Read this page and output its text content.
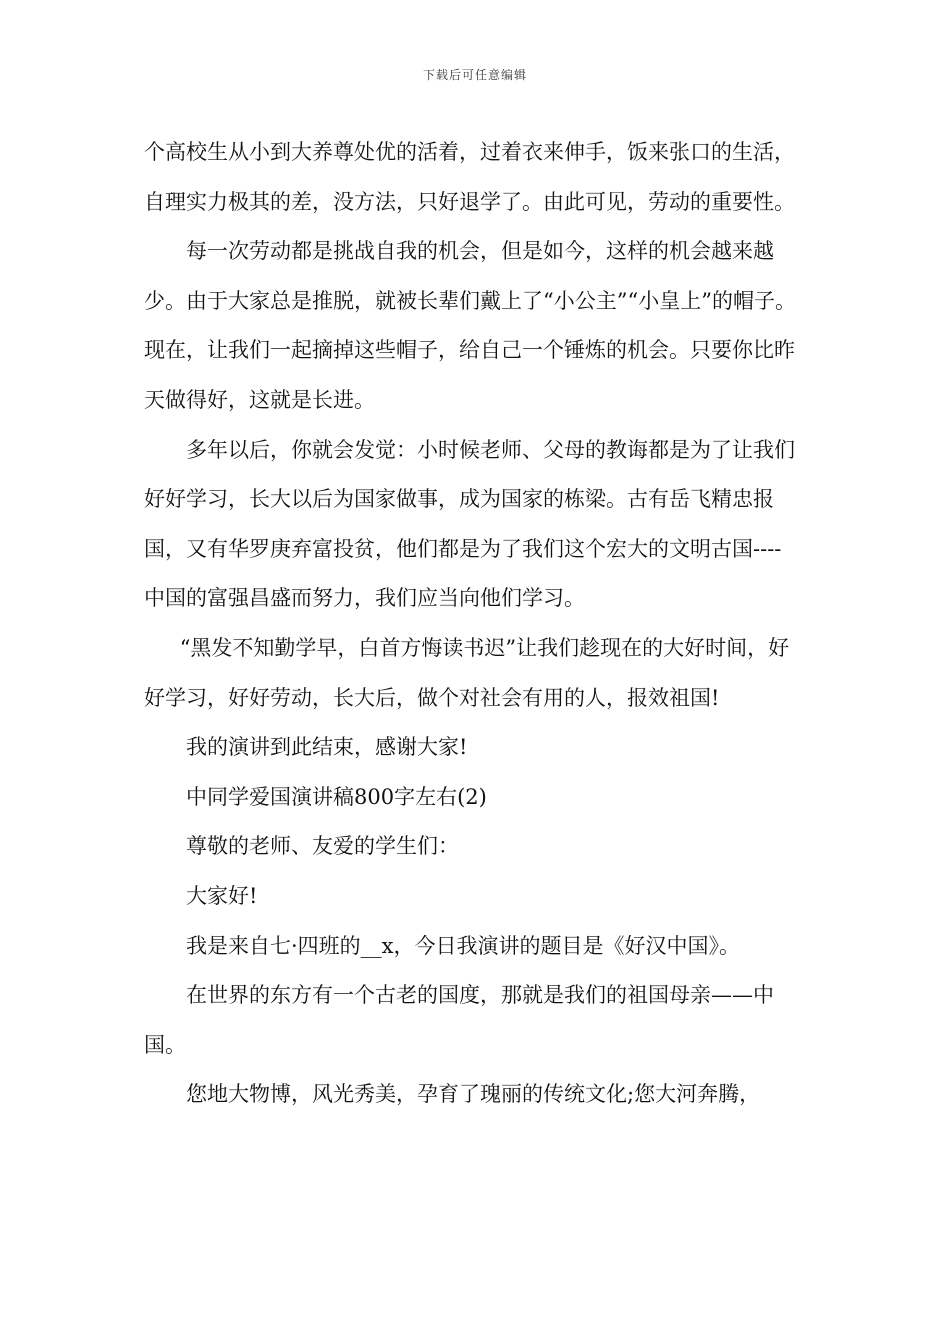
下载后可任意编辑

个高校生从小到大养尊处优的活着，过着衣来伸手，饭来张口的生活，自理实力极其的差，没方法，只好退学了。由此可见，劳动的重要性。

每一次劳动都是挑战自我的机会，但是如今，这样的机会越来越少。由于大家总是推脱，就被长辈们戴上了“小公主”“小皇上”的帽子。现在，让我们一起摘掉这些帽子，给自己一个锤炼的机会。只要你比昨天做得好，这就是长进。

多年以后，你就会发觉：小时候老师、父母的教诲都是为了让我们好好学习，长大以后为国家做事，成为国家的栋梁。古有岳飞精忠报国，又有华罗庚弃富投贫，他们都是为了我们这个宏大的文明古国----中国的富强昌盛而努力，我们应当向他们学习。

“黑发不知勤学早，白首方悔读书迟”让我们趁现在的大好时间，好好学习，好好劳动，长大后，做个对社会有用的人，报效祖国!

我的演讲到此结束，感谢大家!

中同学爱国演讲稿800字左右(2)

尊敬的老师、友爱的学生们：

大家好!

我是来自七·四班的__x，今日我演讲的题目是《好汉中国》。

在世界的东方有一个古老的国度，那就是我们的祖国母亲——中国。

您地大物博，风光秀美，孕育了瑰丽的传统文化;您大河奔腾，
